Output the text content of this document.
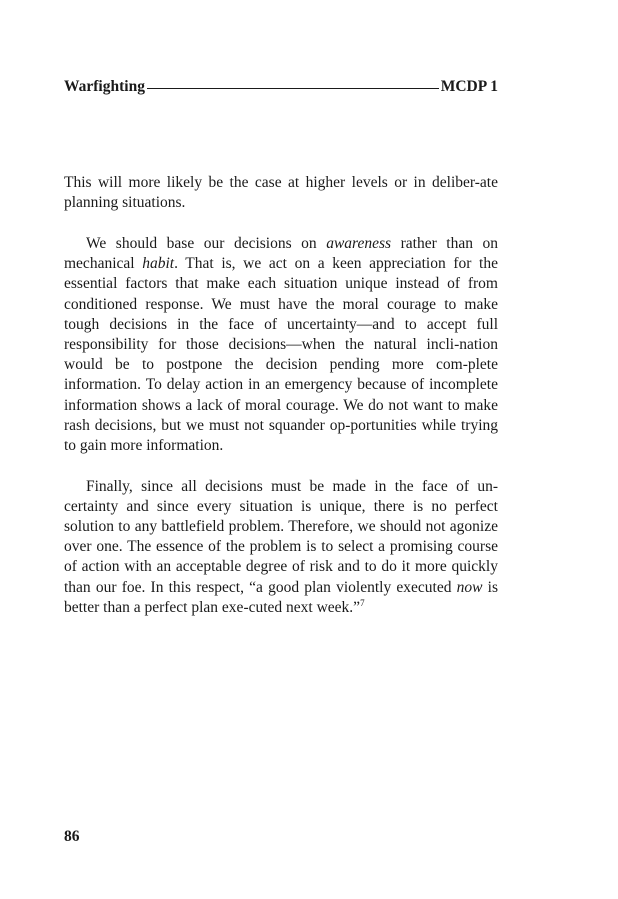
Warfighting	MCDP 1

This will more likely be the case at higher levels or in deliber-ate planning situations.

We should base our decisions on awareness rather than on mechanical habit. That is, we act on a keen appreciation for the essential factors that make each situation unique instead of from conditioned response. We must have the moral courage to make tough decisions in the face of uncertainty—and to accept full responsibility for those decisions—when the natural incli-nation would be to postpone the decision pending more com-plete information. To delay action in an emergency because of incomplete information shows a lack of moral courage. We do not want to make rash decisions, but we must not squander op-portunities while trying to gain more information.

Finally, since all decisions must be made in the face of un-certainty and since every situation is unique, there is no perfect solution to any battlefield problem. Therefore, we should not agonize over one. The essence of the problem is to select a promising course of action with an acceptable degree of risk and to do it more quickly than our foe. In this respect, “a good plan violently executed now is better than a perfect plan exe-cuted next week.”$^7$

86
